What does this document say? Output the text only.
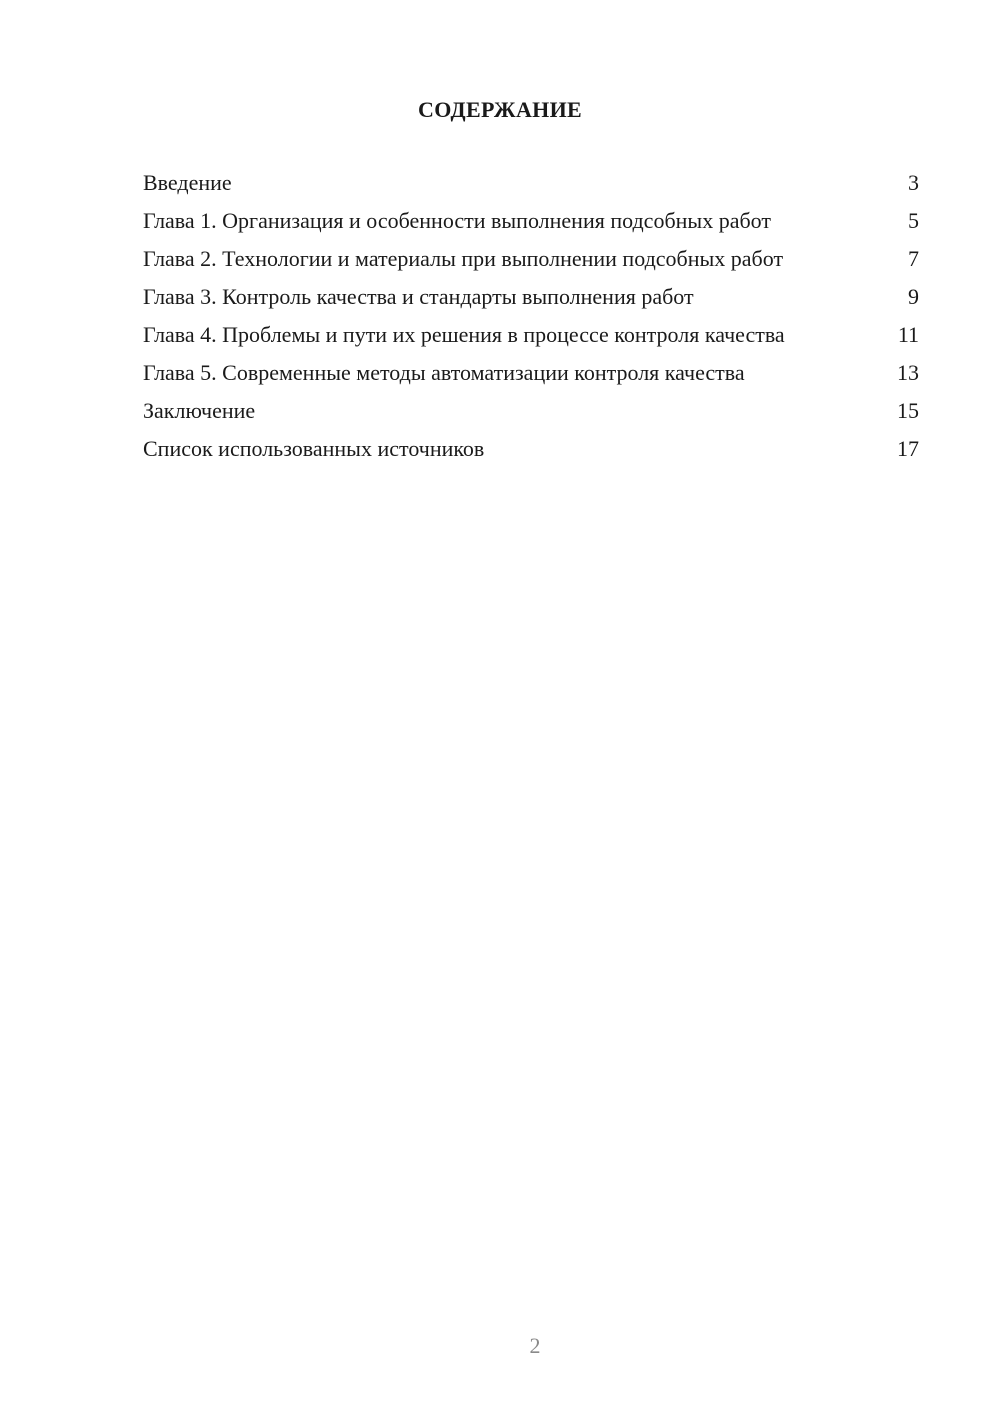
СОДЕРЖАНИЕ
Введение	3
Глава 1. Организация и особенности выполнения подсобных работ	5
Глава 2. Технологии и материалы при выполнении подсобных работ	7
Глава 3. Контроль качества и стандарты выполнения работ	9
Глава 4. Проблемы и пути их решения в процессе контроля качества	11
Глава 5. Современные методы автоматизации контроля качества	13
Заключение	15
Список использованных источников	17
2
